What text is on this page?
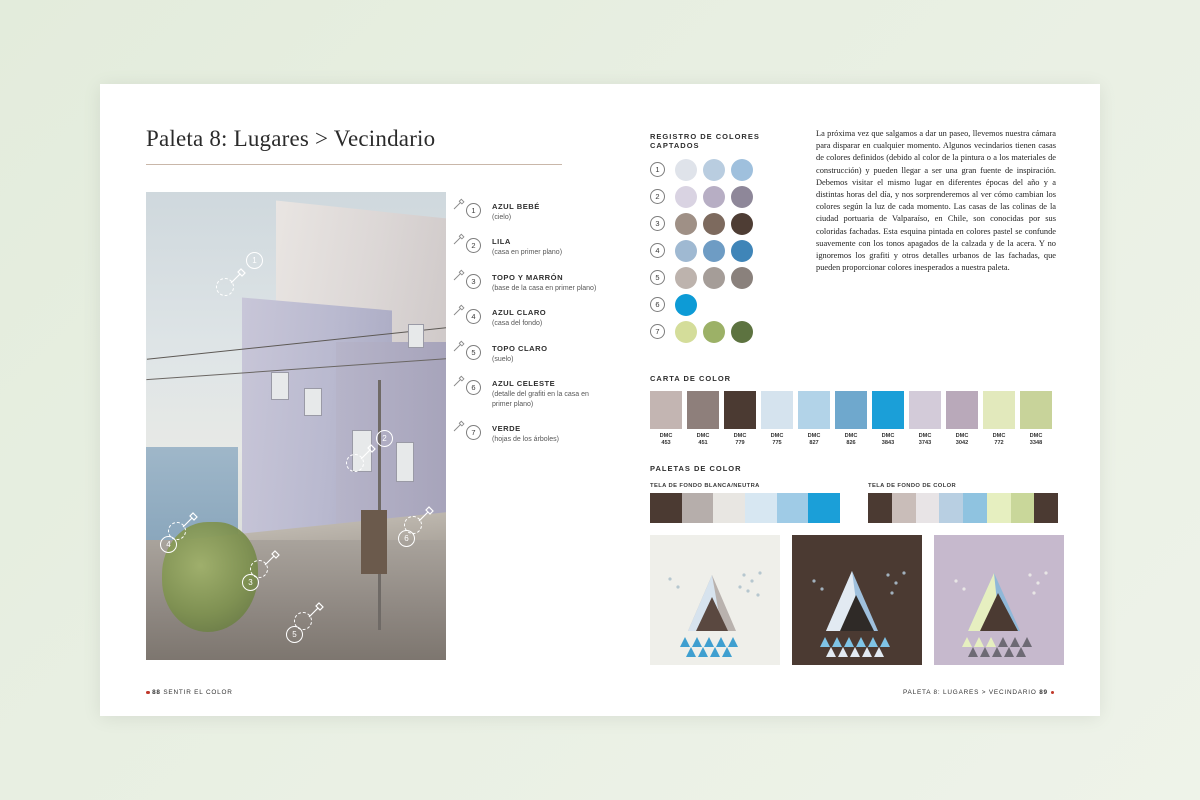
Paleta 8: Lugares > Vecindario
1
2
3
4
5
6
1	AZUL BEBÉ
(cielo)
2	LILA
(casa en primer plano)
3	TOPO Y MARRÓN
(base de la casa en primer plano)
4	AZUL CLARO
(casa del fondo)
5	TOPO CLARO
(suelo)
6	AZUL CELESTE
(detalle del grafiti en la casa en primer plano)
7	VERDE
(hojas de los árboles)
88 SENTIR EL COLOR
REGISTRO DE COLORES CAPTADOS
1
2
3
4
5
6
7
La próxima vez que salgamos a dar un paseo, llevemos nuestra cámara para disparar en cualquier momento. Algunos vecindarios tienen casas de colores definidos (debido al color de la pintura o a los materiales de construcción) y pueden llegar a ser una gran fuente de inspiración. Debemos visitar el mismo lugar en diferentes épocas del año y a distintas horas del día, y nos sorprenderemos al ver cómo cambian los colores según la luz de cada momento. Las casas de las colinas de la ciudad portuaria de Valparaíso, en Chile, son conocidas por sus coloridas fachadas. Esta esquina pintada en colores pastel se confunde suavemente con los tonos apagados de la calzada y de la acera. Y no ignoremos los grafiti y otros detalles urbanos de las fachadas, que pueden proporcionar colores inesperados a nuestra paleta.
CARTA DE COLOR
DMC
453
DMC
451
DMC
779
DMC
775
DMC
827
DMC
826
DMC
3843
DMC
3743
DMC
3042
DMC
772
DMC
3348
PALETAS DE COLOR
TELA DE FONDO BLANCA/NEUTRA	TELA DE FONDO DE COLOR
PALETA 8: LUGARES > VECINDARIO 89
